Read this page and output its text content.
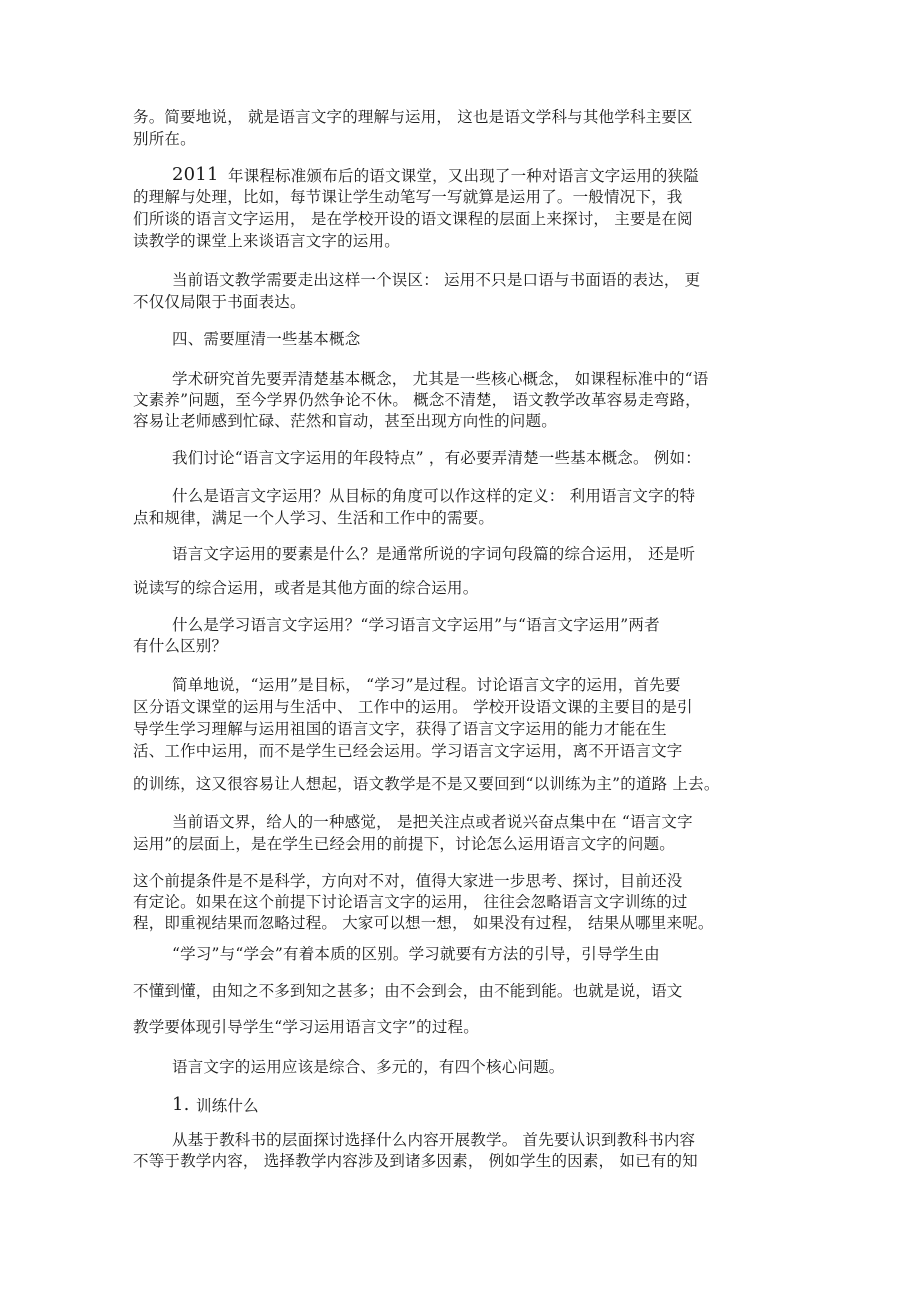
务。简要地说， 就是语言文字的理解与运用， 这也是语文学科与其他学科主要区
别所在。
2011 年课程标准颁布后的语文课堂，又出现了一种对语言文字运用的狭隘
的理解与处理，比如，每节课让学生动笔写一写就算是运用了。一般情况下，我
们所谈的语言文字运用， 是在学校开设的语文课程的层面上来探讨， 主要是在阅
读教学的课堂上来谈语言文字的运用。
当前语文教学需要走出这样一个误区： 运用不只是口语与书面语的表达， 更
不仅仅局限于书面表达。
四、需要厘清一些基本概念
学术研究首先要弄清楚基本概念， 尤其是一些核心概念， 如课程标准中的“语
文素养”问题，至今学界仍然争论不休。 概念不清楚， 语文教学改革容易走弯路，
容易让老师感到忙碌、茫然和盲动，甚至出现方向性的问题。
我们讨论“语言文字运用的年段特点” ，有必要弄清楚一些基本概念。 例如：
什么是语言文字运用？从目标的角度可以作这样的定义： 利用语言文字的特
点和规律，满足一个人学习、生活和工作中的需要。
语言文字运用的要素是什么？是通常所说的字词句段篇的综合运用， 还是听
说读写的综合运用，或者是其他方面的综合运用。
什么是学习语言文字运用？“学习语言文字运用”与“语言文字运用”两者
有什么区别？
简单地说，“运用”是目标， “学习”是过程。讨论语言文字的运用，首先要
区分语文课堂的运用与生活中、 工作中的运用。 学校开设语文课的主要目的是引
导学生学习理解与运用祖国的语言文字，获得了语言文字运用的能力才能在生
活、工作中运用，而不是学生已经会运用。学习语言文字运用，离不开语言文字
的训练，这又很容易让人想起，语文教学是不是又要回到“以训练为主”的道路 上去。
当前语文界，给人的一种感觉， 是把关注点或者说兴奋点集中在 “语言文字
运用”的层面上，是在学生已经会用的前提下，讨论怎么运用语言文字的问题。
这个前提条件是不是科学，方向对不对，值得大家进一步思考、探讨，目前还没
有定论。如果在这个前提下讨论语言文字的运用， 往往会忽略语言文字训练的过
程，即重视结果而忽略过程。 大家可以想一想， 如果没有过程， 结果从哪里来呢。
“学习”与“学会”有着本质的区别。学习就要有方法的引导，引导学生由
不懂到懂，由知之不多到知之甚多；由不会到会，由不能到能。也就是说，语文
教学要体现引导学生“学习运用语言文字”的过程。
语言文字的运用应该是综合、多元的，有四个核心问题。
1. 训练什么
从基于教科书的层面探讨选择什么内容开展教学。 首先要认识到教科书内容
不等于教学内容， 选择教学内容涉及到诸多因素， 例如学生的因素， 如已有的知
